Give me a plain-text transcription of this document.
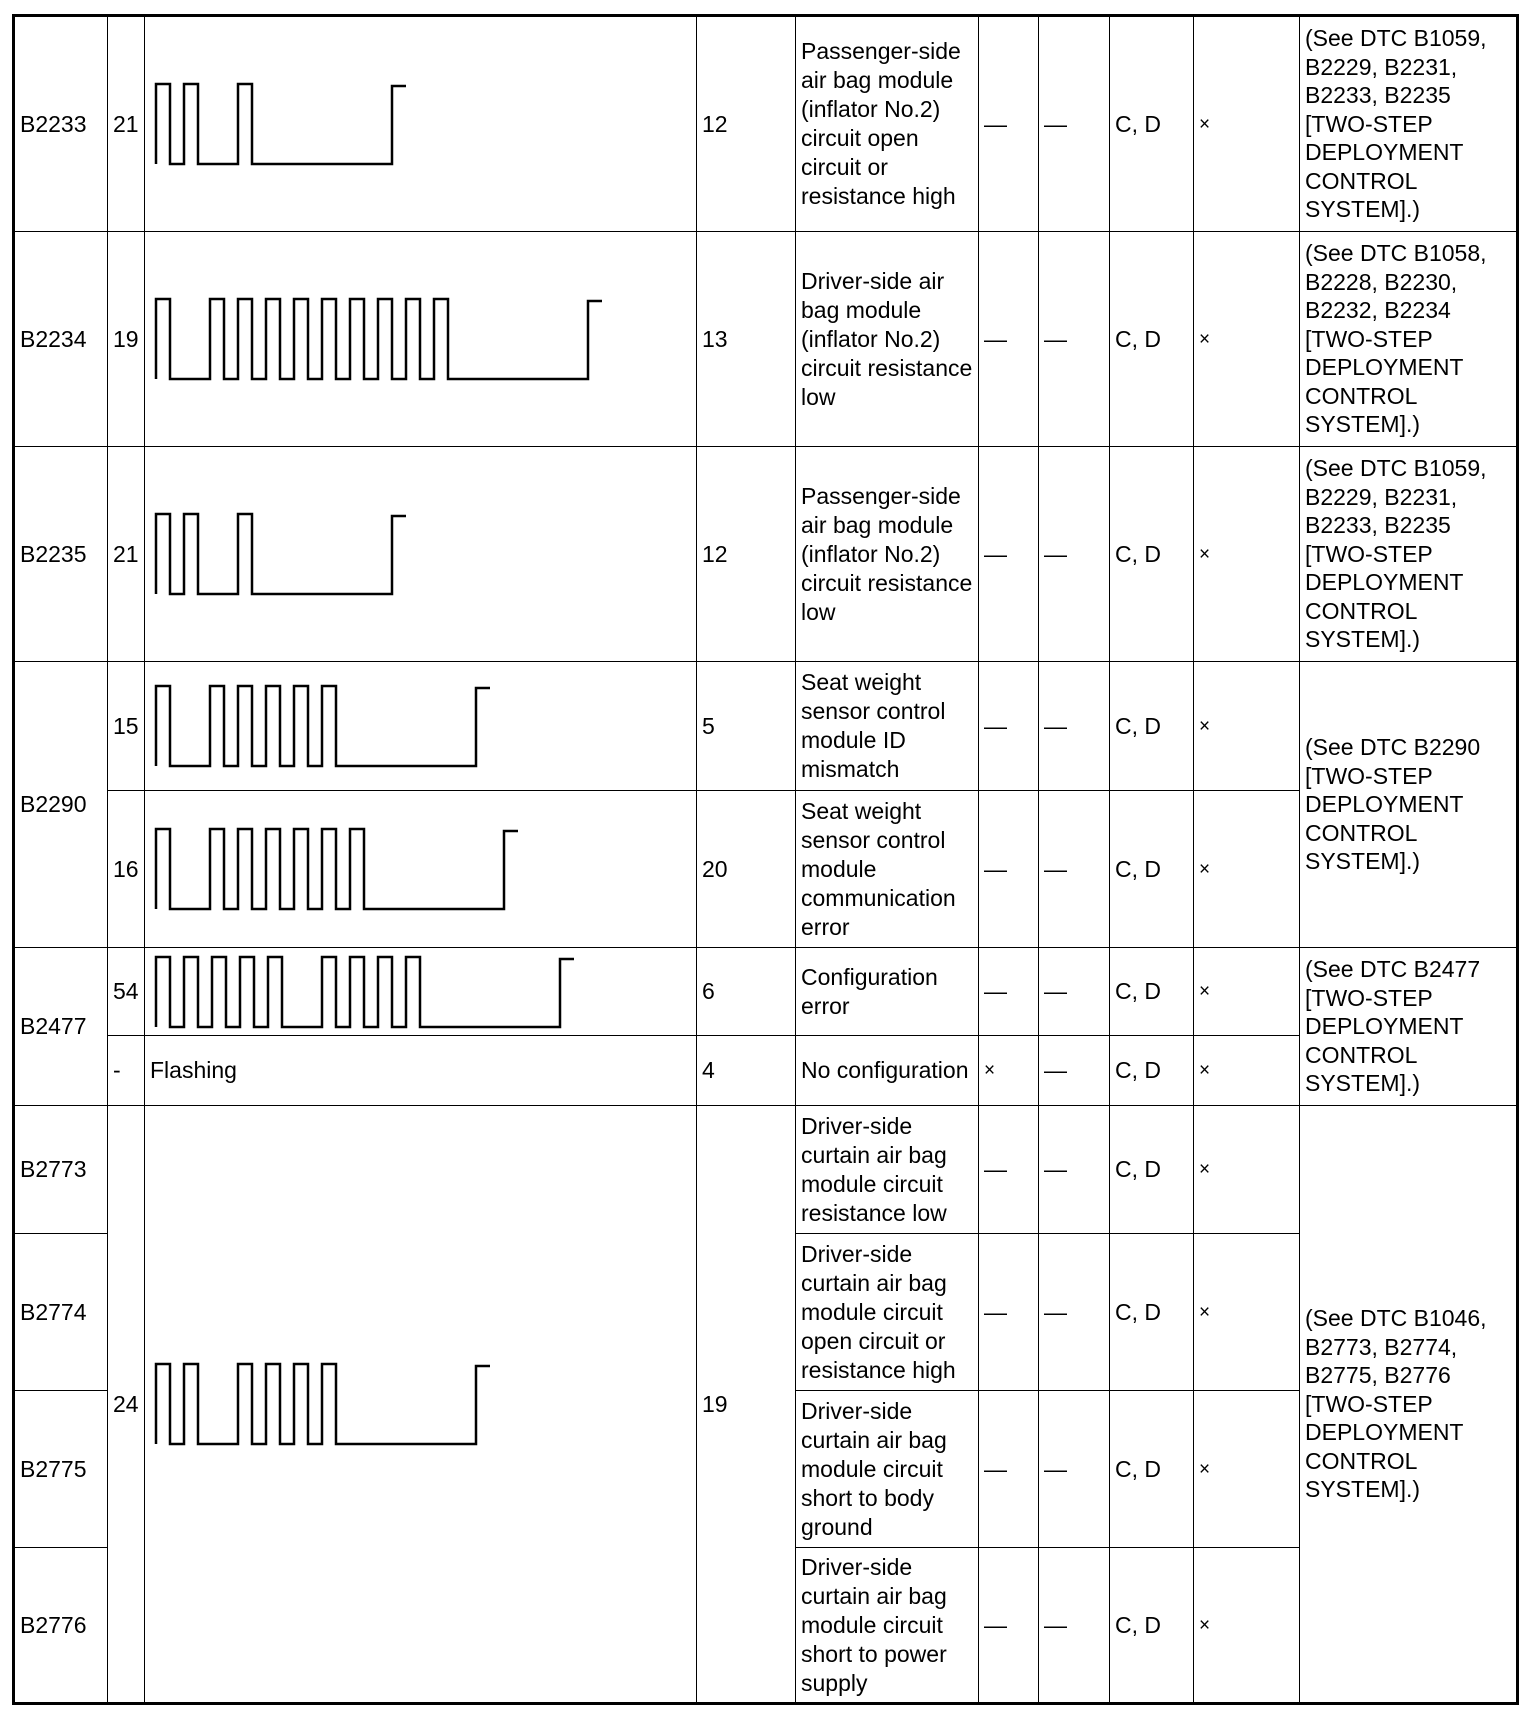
B2233	21		12	Passenger-side air bag module (inflator No.2) circuit open circuit or resistance high	—	—	C, D	×	(See DTC B1059, B2229, B2231, B2233, B2235 [TWO-STEP DEPLOYMENT CONTROL SYSTEM].)
B2234	19		13	Driver-side air bag module (inflator No.2) circuit resistance low	—	—	C, D	×	(See DTC B1058, B2228, B2230, B2232, B2234 [TWO-STEP DEPLOYMENT CONTROL SYSTEM].)
B2235	21		12	Passenger-side air bag module (inflator No.2) circuit resistance low	—	—	C, D	×	(See DTC B1059, B2229, B2231, B2233, B2235 [TWO-STEP DEPLOYMENT CONTROL SYSTEM].)
B2290	15		5	Seat weight sensor control module ID mismatch	—	—	C, D	×	(See DTC B2290 [TWO-STEP DEPLOYMENT CONTROL SYSTEM].)
	16		20	Seat weight sensor control module communication error	—	—	C, D	×	
B2477	54		6	Configuration error	—	—	C, D	×	(See DTC B2477 [TWO-STEP DEPLOYMENT CONTROL SYSTEM].)
	-	Flashing	4	No configuration	×	—	C, D	×	
B2773	24		19	Driver-side curtain air bag module circuit resistance low	—	—	C, D	×	(See DTC B1046, B2773, B2774, B2775, B2776 [TWO-STEP DEPLOYMENT CONTROL SYSTEM].)
B2774				Driver-side curtain air bag module circuit open circuit or resistance high	—	—	C, D	×	
B2775				Driver-side curtain air bag module circuit short to body ground	—	—	C, D	×	
B2776				Driver-side curtain air bag module circuit short to power supply	—	—	C, D	×	
